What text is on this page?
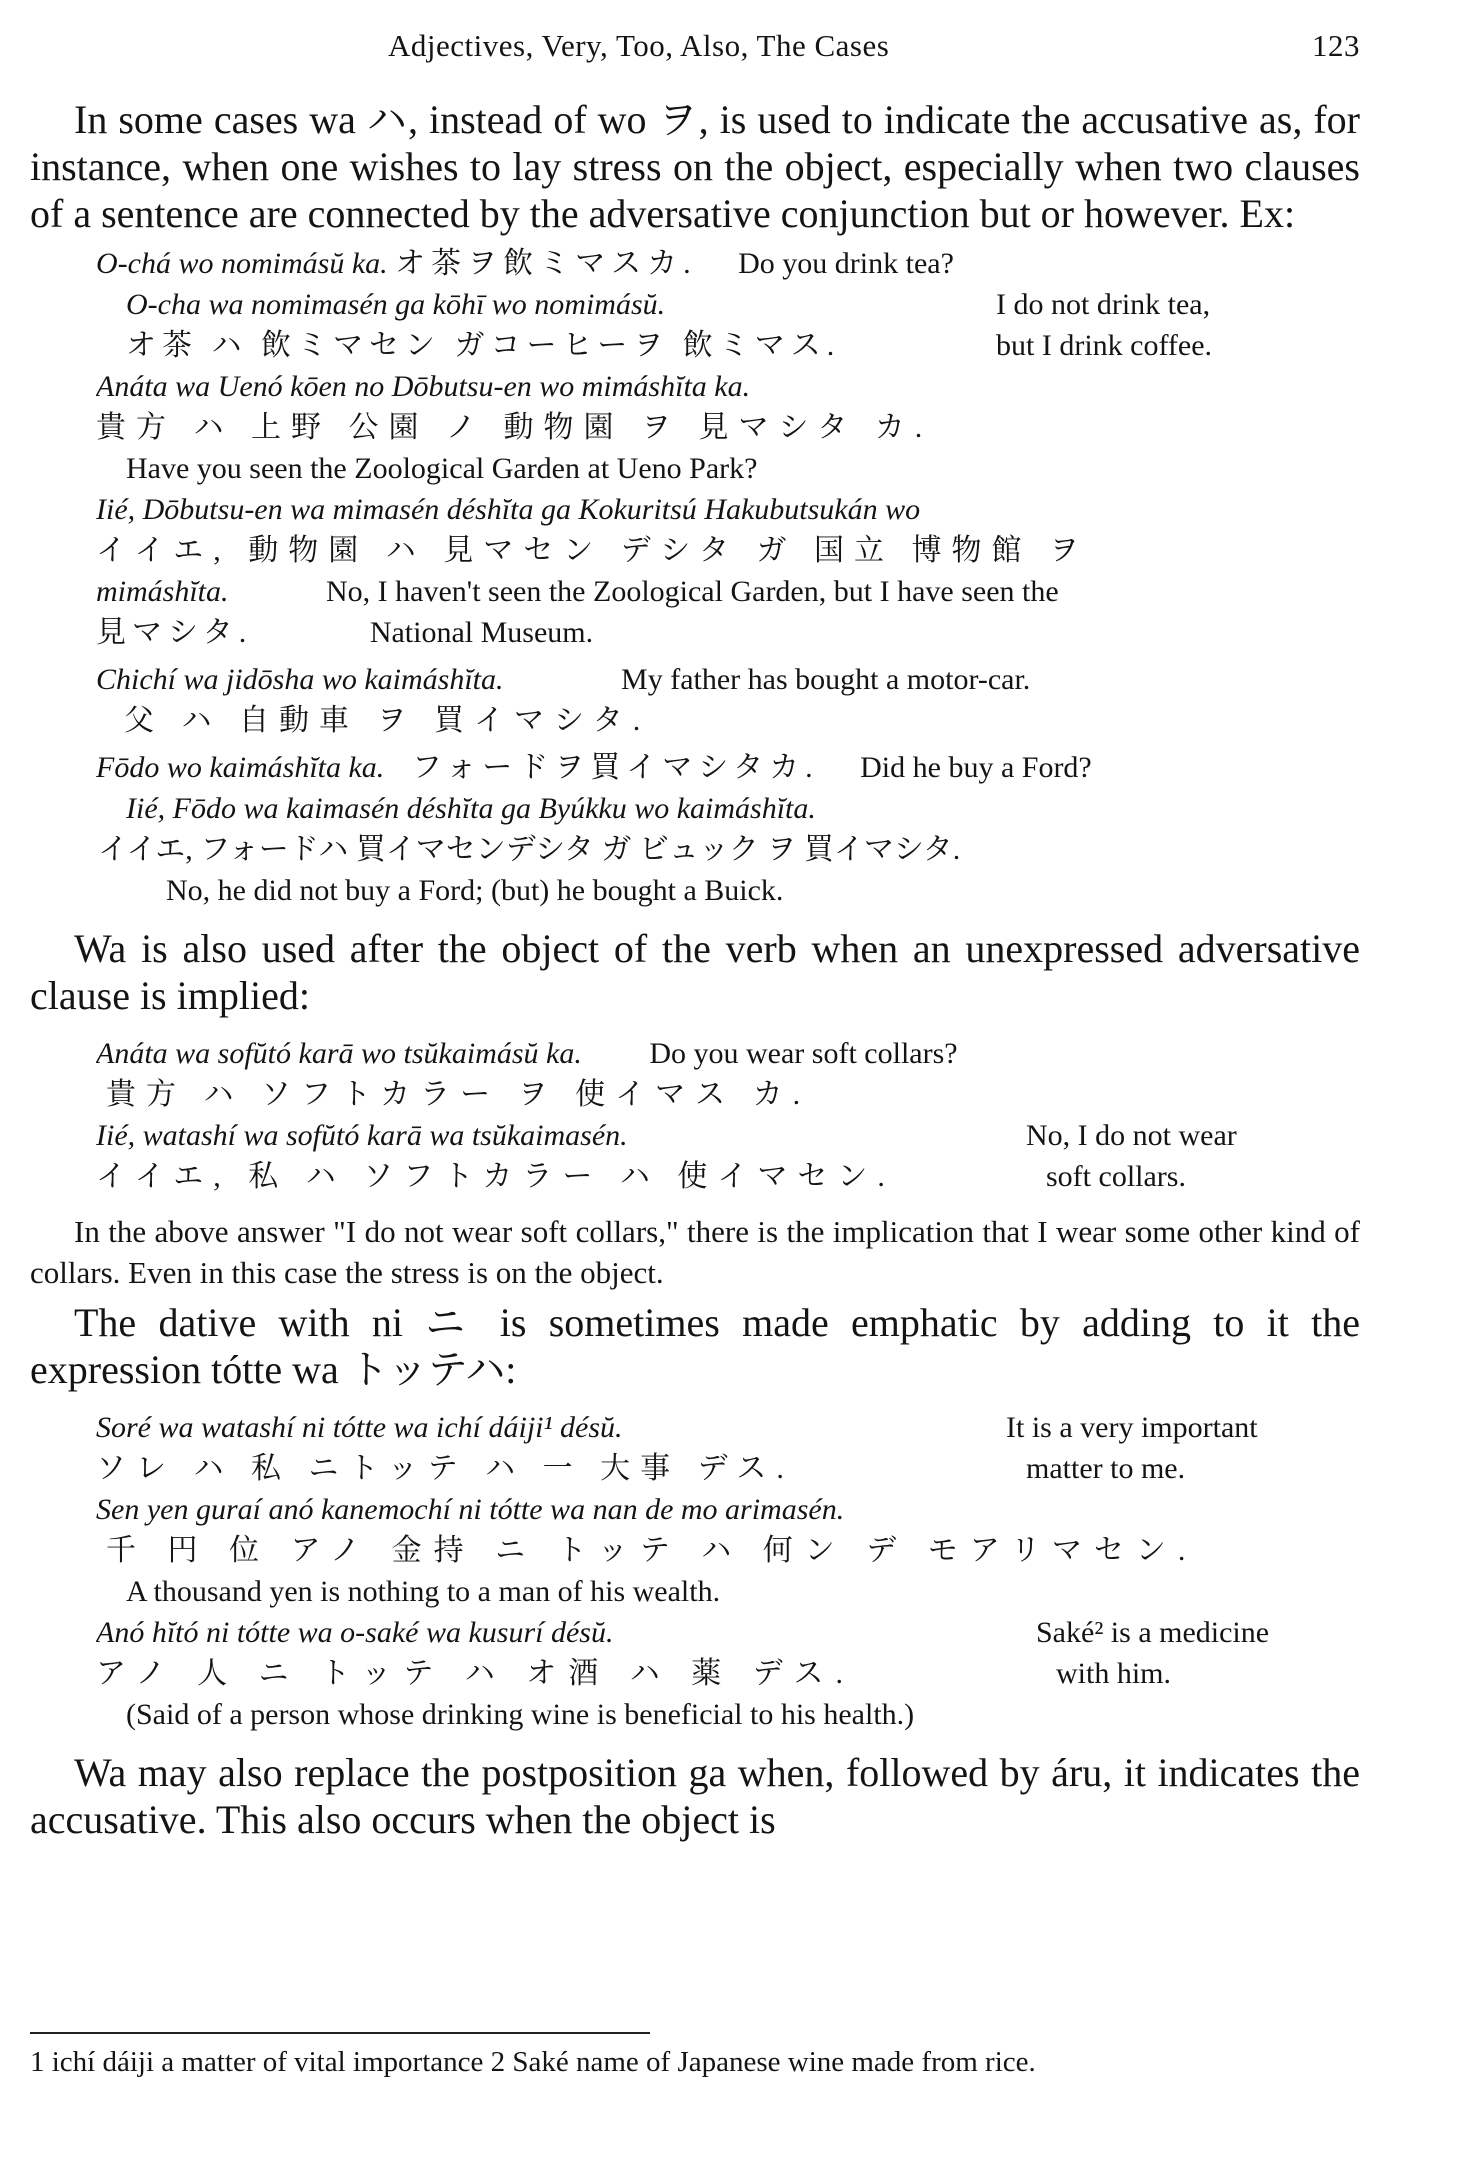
Adjectives, Very, Too, Also, The Cases	123

In some cases wa ハ, instead of wo ヲ, is used to indicate the accusative as, for instance, when one wishes to lay stress on the object, especially when two clauses of a sentence are connected by the adversative conjunction but or however. Ex:

O-chá wo nomimásŭ ka. オ茶ヲ飲ミマスカ. Do you drink tea?
O-cha wa nomimasén ga kōhī wo nomimásŭ.	I do not drink tea,
オ茶 ハ 飲ミマセン ガコーヒーヲ 飲ミマス.	but I drink coffee.
Anáta wa Uenó kōen no Dōbutsu-en wo mimáshĭta ka.
貴方 ハ 上野 公園 ノ 動物園 ヲ 見マシタ カ.
Have you seen the Zoological Garden at Ueno Park?
Iié, Dōbutsu-en wa mimasén déshĭta ga Kokuritsú Hakubutsukán wo
イイエ, 動物園 ハ 見マセン デシタ ガ 国立 博物館 ヲ
mimáshĭta.	No, I haven't seen the Zoological Garden, but I have seen the
見マシタ.	National Museum.
Chichí wa jidōsha wo kaimáshĭta.	My father has bought a motor-car.
父 ハ 自動車 ヲ 買イマシタ.
Fōdo wo kaimáshĭta ka. フォードヲ買イマシタカ. Did he buy a Ford?
Iié, Fōdo wa kaimasén déshĭta ga Byúkku wo kaimáshĭta.
イイエ, フォードハ 買イマセンデシタ ガ ビュック ヲ 買イマシタ.
No, he did not buy a Ford; (but) he bought a Buick.

Wa is also used after the object of the verb when an unexpressed adversative clause is implied:

Anáta wa sofŭtó karā wo tsŭkaimásŭ ka. Do you wear soft collars?
貴方 ハ ソフトカラー ヲ 使イマス カ.
Iié, watashí wa sofŭtó karā wa tsŭkaimasén.	No, I do not wear
イイエ, 私 ハ ソフトカラー ハ 使イマセン.	soft collars.

In the above answer "I do not wear soft collars," there is the implication that I wear some other kind of collars. Even in this case the stress is on the object.

The dative with ni ニ is sometimes made emphatic by adding to it the expression tótte wa トッテハ:

Soré wa watashí ni tótte wa ichí dáiji¹ désŭ.	It is a very important
ソレ ハ 私 ニトッテ ハ 一 大事 デス.	matter to me.
Sen yen guraí anó kanemochí ni tótte wa nan de mo arimasén.
千 円 位 アノ 金持 ニ トッテ ハ 何ン デ モアリマセン.
A thousand yen is nothing to a man of his wealth.
Anó hĭtó ni tótte wa o-saké wa kusurí désŭ.	Saké² is a medicine
アノ 人 ニ トッテ ハ オ酒 ハ 薬 デス.	with him.
(Said of a person whose drinking wine is beneficial to his health.)

Wa may also replace the postposition ga when, followed by áru, it indicates the accusative. This also occurs when the object is

1 ichí dáiji a matter of vital importance 2 Saké name of Japanese wine made from rice.
